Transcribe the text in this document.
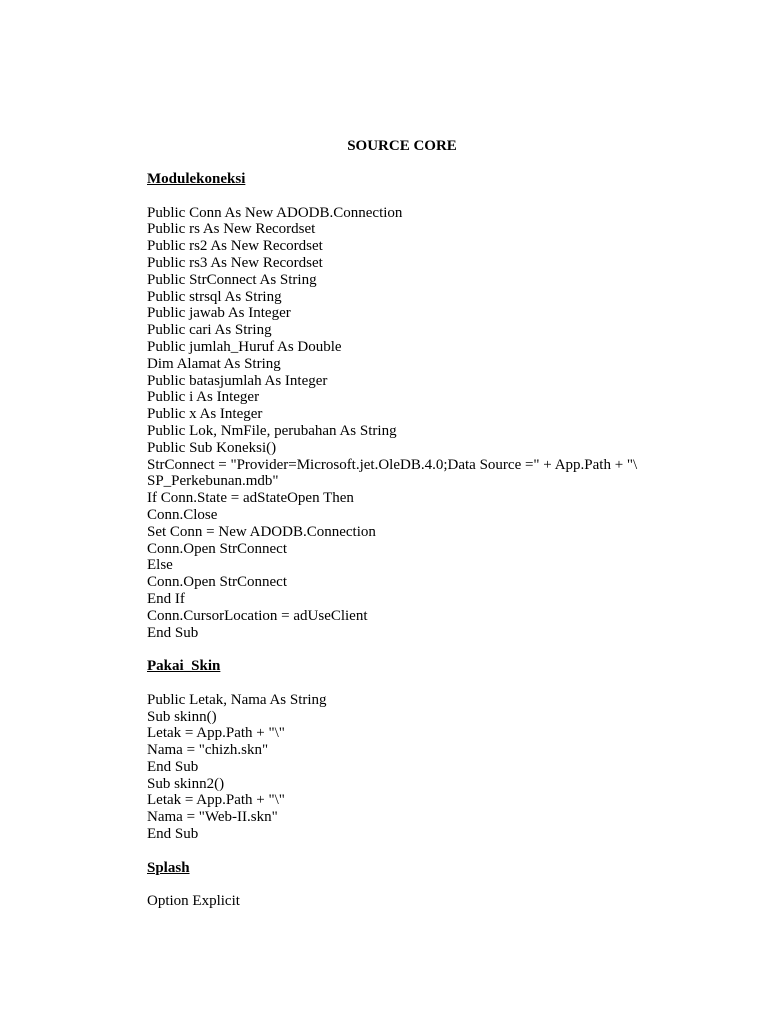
SOURCE CORE

Modulekoneksi

Public Conn As New ADODB.Connection

Public rs As New Recordset

Public rs2 As New Recordset

Public rs3 As New Recordset

Public StrConnect As String

Public strsql As String

Public jawab As Integer

Public cari As String

Public jumlah_Huruf As Double

Dim Alamat As String

Public batasjumlah As Integer

Public i As Integer

Public x As Integer

Public Lok, NmFile, perubahan As String

Public Sub Koneksi()

StrConnect = "Provider=Microsoft.jet.OleDB.4.0;Data Source =" + App.Path + "\

SP_Perkebunan.mdb"

If Conn.State = adStateOpen Then

Conn.Close

Set Conn = New ADODB.Connection

Conn.Open StrConnect

Else

Conn.Open StrConnect

End If

Conn.CursorLocation = adUseClient

End Sub

Pakai_Skin

Public Letak, Nama As String

Sub skinn()

Letak = App.Path + "\"

Nama = "chizh.skn"

End Sub

Sub skinn2()

Letak = App.Path + "\"

Nama = "Web-II.skn"

End Sub

Splash

Option Explicit
